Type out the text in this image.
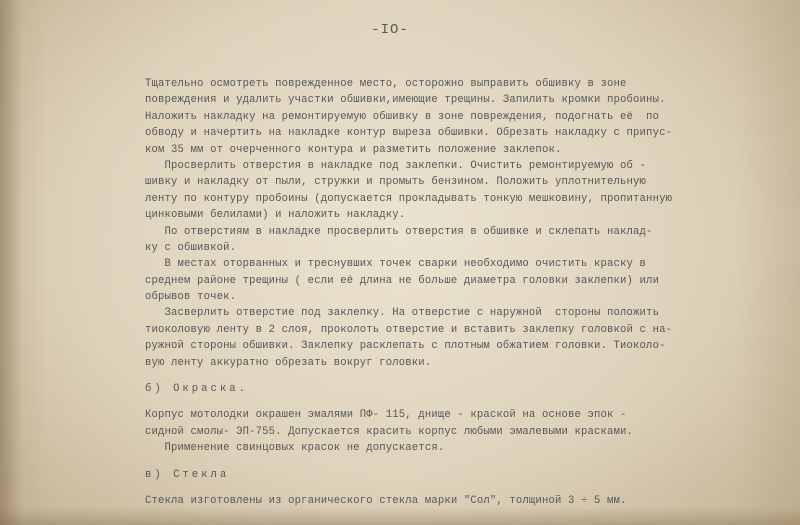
-IO-
Тщательно осмотреть поврежденное место, осторожно выправить обшивку в зоне
повреждения и удалить участки обшивки,имеющие трещины. Запилить кромки пробоины.
Наложить накладку на ремонтируемую обшивку в зоне повреждения, подогнать её  по
обводу и начертить на накладке контур выреза обшивки. Обрезать накладку с припус-
ком 35 мм от очерченного контура и разметить положение заклепок.
Просверлить отверстия в накладке под заклепки. Очистить ремонтируемую об -
шивку и накладку от пыли, стружки и промыть бензином. Положить уплотнительную
ленту по контуру пробоины (допускается прокладывать тонкую мешковину, пропитанную
цинковыми белилами) и наложить накладку.
По отверстиям в накладке просверлить отверстия в обшивке и склепать наклад-
ку с обшивкой.
В местах оторванных и треснувших точек сварки необходимо очистить краску в
среднем районе трещины ( если её длина не больше диаметра головки заклепки) или
обрывов точек.
Засверлить отверстие под заклепку. На отверстие с наружной  стороны положить
тиоколовую ленту в 2 слоя, проколоть отверстие и вставить заклепку головкой с на-
ружной стороны обшивки. Заклепку расклепать с плотным обжатием головки. Тиоколо-
вую ленту аккуратно обрезать вокруг головки.
б) Окраска.
Корпус мотолодки окрашен эмалями ПФ- 115, днище - краской на основе эпок -
сидной смолы- ЭП-755. Допускается красить корпус любыми эмалевыми красками.
Применение свинцовых красок не допускается.
в) Стекла
Стекла изготовлены из органического стекла марки "Сол", толщиной 3 ÷ 5 мм.
